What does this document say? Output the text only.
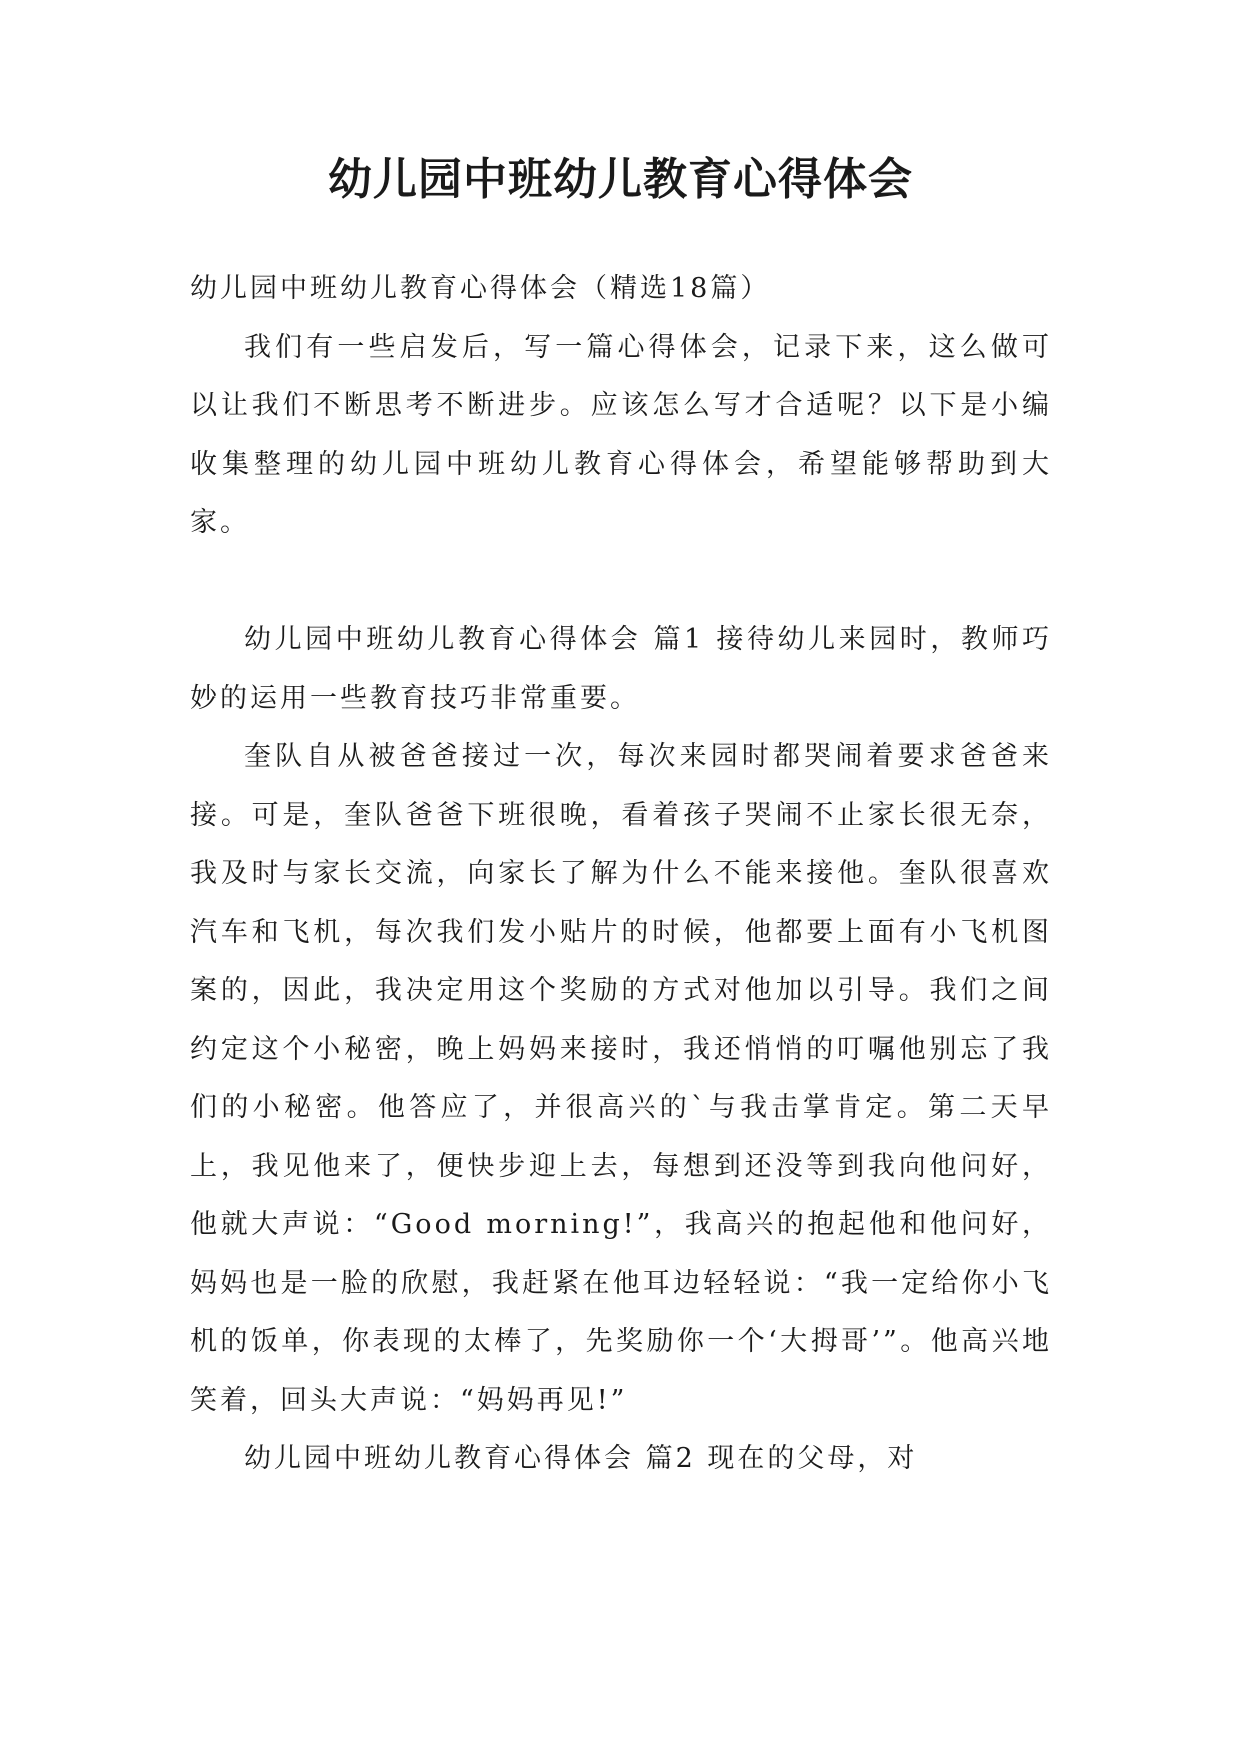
幼儿园中班幼儿教育心得体会

幼儿园中班幼儿教育心得体会（精选18篇）

我们有一些启发后，写一篇心得体会，记录下来，这么做可以让我们不断思考不断进步。应该怎么写才合适呢？以下是小编收集整理的幼儿园中班幼儿教育心得体会，希望能够帮助到大家。

幼儿园中班幼儿教育心得体会 篇1 接待幼儿来园时，教师巧妙的运用一些教育技巧非常重要。

奎队自从被爸爸接过一次，每次来园时都哭闹着要求爸爸来接。可是，奎队爸爸下班很晚，看着孩子哭闹不止家长很无奈，我及时与家长交流，向家长了解为什么不能来接他。奎队很喜欢汽车和飞机，每次我们发小贴片的时候，他都要上面有小飞机图案的，因此，我决定用这个奖励的方式对他加以引导。我们之间约定这个小秘密，晚上妈妈来接时，我还悄悄的叮嘱他别忘了我们的小秘密。他答应了，并很高兴的`与我击掌肯定。第二天早上，我见他来了，便快步迎上去，每想到还没等到我向他问好，他就大声说：“Good morning!”，我高兴的抱起他和他问好，妈妈也是一脸的欣慰，我赶紧在他耳边轻轻说：“我一定给你小飞机的饭单，你表现的太棒了，先奖励你一个‘大拇哥’”。他高兴地笑着，回头大声说：“妈妈再见!”

幼儿园中班幼儿教育心得体会 篇2 现在的父母，对
